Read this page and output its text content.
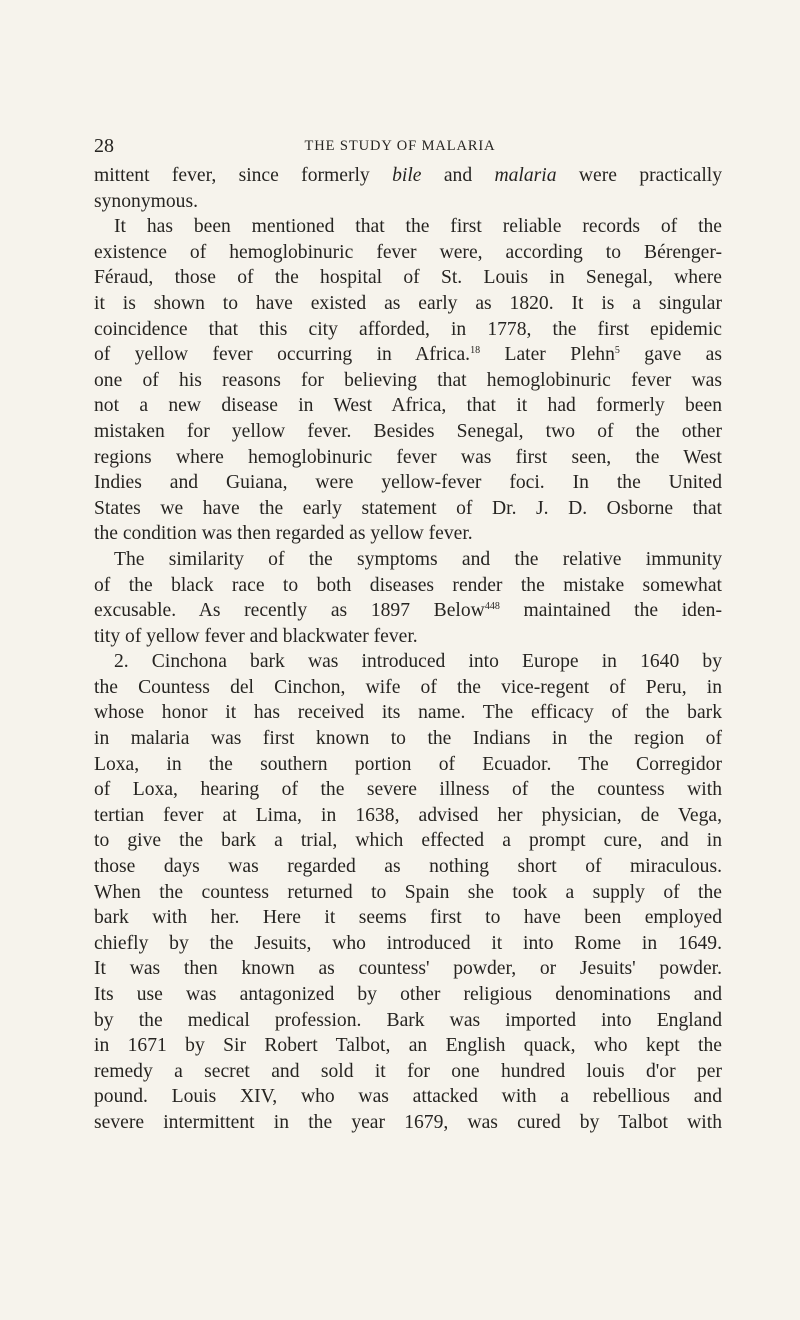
28	THE STUDY OF MALARIA
mittent fever, since formerly bile and malaria were practically
synonymous.
It has been mentioned that the first reliable records of the
existence of hemoglobinuric fever were, according to Bérenger-
Féraud, those of the hospital of St. Louis in Senegal, where
it is shown to have existed as early as 1820. It is a singular
coincidence that this city afforded, in 1778, the first epidemic
of yellow fever occurring in Africa.$^{18}$ Later Plehn$^5$ gave as
one of his reasons for believing that hemoglobinuric fever was
not a new disease in West Africa, that it had formerly been
mistaken for yellow fever. Besides Senegal, two of the other
regions where hemoglobinuric fever was first seen, the West
Indies and Guiana, were yellow-fever foci. In the United
States we have the early statement of Dr. J. D. Osborne that
the condition was then regarded as yellow fever.
The similarity of the symptoms and the relative immunity
of the black race to both diseases render the mistake somewhat
excusable. As recently as 1897 Below$^{448}$ maintained the iden-
tity of yellow fever and blackwater fever.
2. Cinchona bark was introduced into Europe in 1640 by
the Countess del Cinchon, wife of the vice-regent of Peru, in
whose honor it has received its name. The efficacy of the bark
in malaria was first known to the Indians in the region of
Loxa, in the southern portion of Ecuador. The Corregidor
of Loxa, hearing of the severe illness of the countess with
tertian fever at Lima, in 1638, advised her physician, de Vega,
to give the bark a trial, which effected a prompt cure, and in
those days was regarded as nothing short of miraculous.
When the countess returned to Spain she took a supply of the
bark with her. Here it seems first to have been employed
chiefly by the Jesuits, who introduced it into Rome in 1649.
It was then known as countess' powder, or Jesuits' powder.
Its use was antagonized by other religious denominations and
by the medical profession. Bark was imported into England
in 1671 by Sir Robert Talbot, an English quack, who kept the
remedy a secret and sold it for one hundred louis d'or per
pound. Louis XIV, who was attacked with a rebellious and
severe intermittent in the year 1679, was cured by Talbot with
